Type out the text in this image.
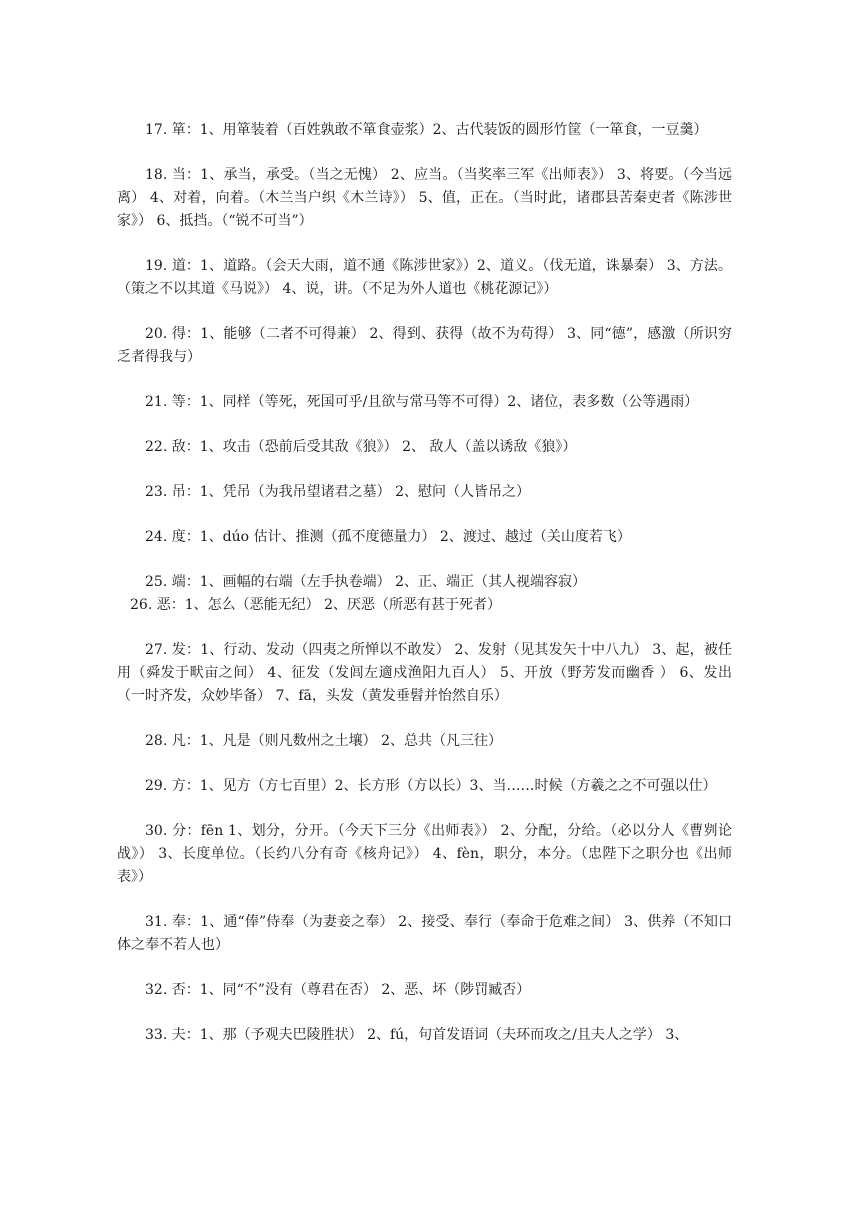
17. 箪：1、用箪装着（百姓孰敢不箪食壶浆）2、古代装饭的圆形竹筐（一箪食，一豆羹）

18. 当：1、承当，承受。（当之无愧） 2、应当。（当奖率三军《出师表》） 3、将要。（今当远离） 4、对着，向着。（木兰当户织《木兰诗》） 5、值，正在。（当时此，诸郡县苦秦吏者《陈涉世家》） 6、抵挡。（“锐不可当”）

19. 道：1、道路。（会天大雨，道不通《陈涉世家》）2、道义。（伐无道，诛暴秦） 3、方法。（策之不以其道《马说》） 4、说，讲。（不足为外人道也《桃花源记》）

20. 得：1、能够（二者不可得兼） 2、得到、获得（故不为苟得） 3、同“德”，感激（所识穷乏者得我与）

21. 等：1、同样（等死，死国可乎/且欲与常马等不可得）2、诸位，表多数（公等遇雨）

22. 敌：1、攻击（恐前后受其敌《狼》） 2、 敌人（盖以诱敌《狼》）

23. 吊：1、凭吊（为我吊望诸君之墓） 2、慰问（人皆吊之）

24. 度：1、dúo 估计、推测（孤不度德量力） 2、渡过、越过（关山度若飞）

25. 端：1、画幅的右端（左手执卷端） 2、正、端正（其人视端容寂）

26. 恶：1、怎么（恶能无纪） 2、厌恶（所恶有甚于死者）

27. 发：1、行动、发动（四夷之所惮以不敢发） 2、发射（见其发矢十中八九） 3、起，被任用（舜发于畎亩之间） 4、征发（发闾左適戍渔阳九百人） 5、开放（野芳发而幽香 ） 6、发出（一时齐发，众妙毕备） 7、fā，头发（黄发垂髫并怡然自乐）

28. 凡：1、凡是（则凡数州之土壤） 2、总共（凡三往）

29. 方：1、见方（方七百里）2、长方形（方以长）3、当……时候（方羲之之不可强以仕）

30. 分：fēn 1、划分，分开。（今天下三分《出师表》） 2、分配，分给。（必以分人《曹刿论战》） 3、长度单位。（长约八分有奇《核舟记》） 4、fèn，职分，本分。（忠陛下之职分也《出师表》）

31. 奉：1、通“俸”侍奉（为妻妾之奉） 2、接受、奉行（奉命于危难之间） 3、供养（不知口体之奉不若人也）

32. 否：1、同“不”没有（尊君在否） 2、恶、坏（陟罚臧否）

33. 夫：1、那（予观夫巴陵胜状） 2、fú，句首发语词（夫环而攻之/且夫人之学） 3、
